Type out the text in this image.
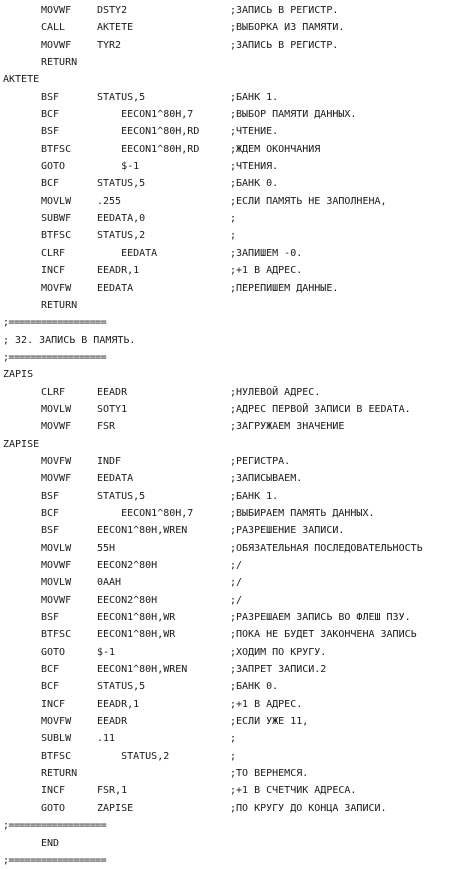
MOVWF	DSTY2	;ЗАПИСЬ В РЕГИСТР.
CALL	AKTETE	;ВЫБОРКА ИЗ ПАМЯТИ.
MOVWF	TYR2	;ЗАПИСЬ В РЕГИСТР.
RETURN
AKTETE
BSF	STATUS,5	;БАНК 1.
BCF	EECON1^80H,7	;ВЫБОР ПАМЯТИ ДАННЫХ.
BSF	EECON1^80H,RD	;ЧТЕНИЕ.
BTFSC	EECON1^80H,RD	;ЖДЕМ ОКОНЧАНИЯ
GOTO	$-1	;ЧТЕНИЯ.
BCF	STATUS,5	;БАНК 0.
MOVLW	.255	;ЕСЛИ ПАМЯТЬ НЕ ЗАПОЛНЕНА,
SUBWF	EEDATA,0	;
BTFSC	STATUS,2	;
CLRF	EEDATA	;ЗАПИШЕМ -0.
INCF	EEADR,1	;+1 В АДРЕС.
MOVFW	EEDATA	;ПЕРЕПИШЕМ ДАННЫЕ.
RETURN
;==================
; 32. ЗАПИСЬ В ПАМЯТЬ.
;==================
ZAPIS
CLRF	EEADR	;НУЛЕВОЙ АДРЕС.
MOVLW	SOTY1	;АДРЕС ПЕРВОЙ ЗАПИСИ В EEDATA.
MOVWF	FSR	;ЗАГРУЖАЕМ ЗНАЧЕНИЕ
ZAPISE
MOVFW	INDF	;РЕГИСТРА.
MOVWF	EEDATA	;ЗАПИСЫВАЕМ.
BSF	STATUS,5	;БАНК 1.
BCF	EECON1^80H,7	;ВЫБИРАЕМ ПАМЯТЬ ДАННЫХ.
BSF	EECON1^80H,WREN	;РАЗРЕШЕНИЕ ЗАПИСИ.
MOVLW	55H	;ОБЯЗАТЕЛЬНАЯ ПОСЛЕДОВАТЕЛЬНОСТЬ
MOVWF	EECON2^80H	;/
MOVLW	0AAH	;/
MOVWF	EECON2^80H	;/
BSF	EECON1^80H,WR	;РАЗРЕШАЕМ ЗАПИСЬ ВО ФЛЕШ ПЗУ.
BTFSC	EECON1^80H,WR	;ПОКА НЕ БУДЕТ ЗАКОНЧЕНА ЗАПИСЬ
GOTO	$-1	;ХОДИМ ПО КРУГУ.
BCF	EECON1^80H,WREN	;ЗАПРЕТ ЗАПИСИ.2
BCF	STATUS,5	;БАНК 0.
INCF	EEADR,1	;+1 В АДРЕС.
MOVFW	EEADR	;ЕСЛИ УЖЕ 11,
SUBLW	.11	;
BTFSC	STATUS,2	;
RETURN	;ТО ВЕРНЕМСЯ.
INCF	FSR,1	;+1 В СЧЕТЧИК АДРЕСА.
GOTO	ZAPISE	;ПО КРУГУ ДО КОНЦА ЗАПИСИ.
;==================
END
;==================
